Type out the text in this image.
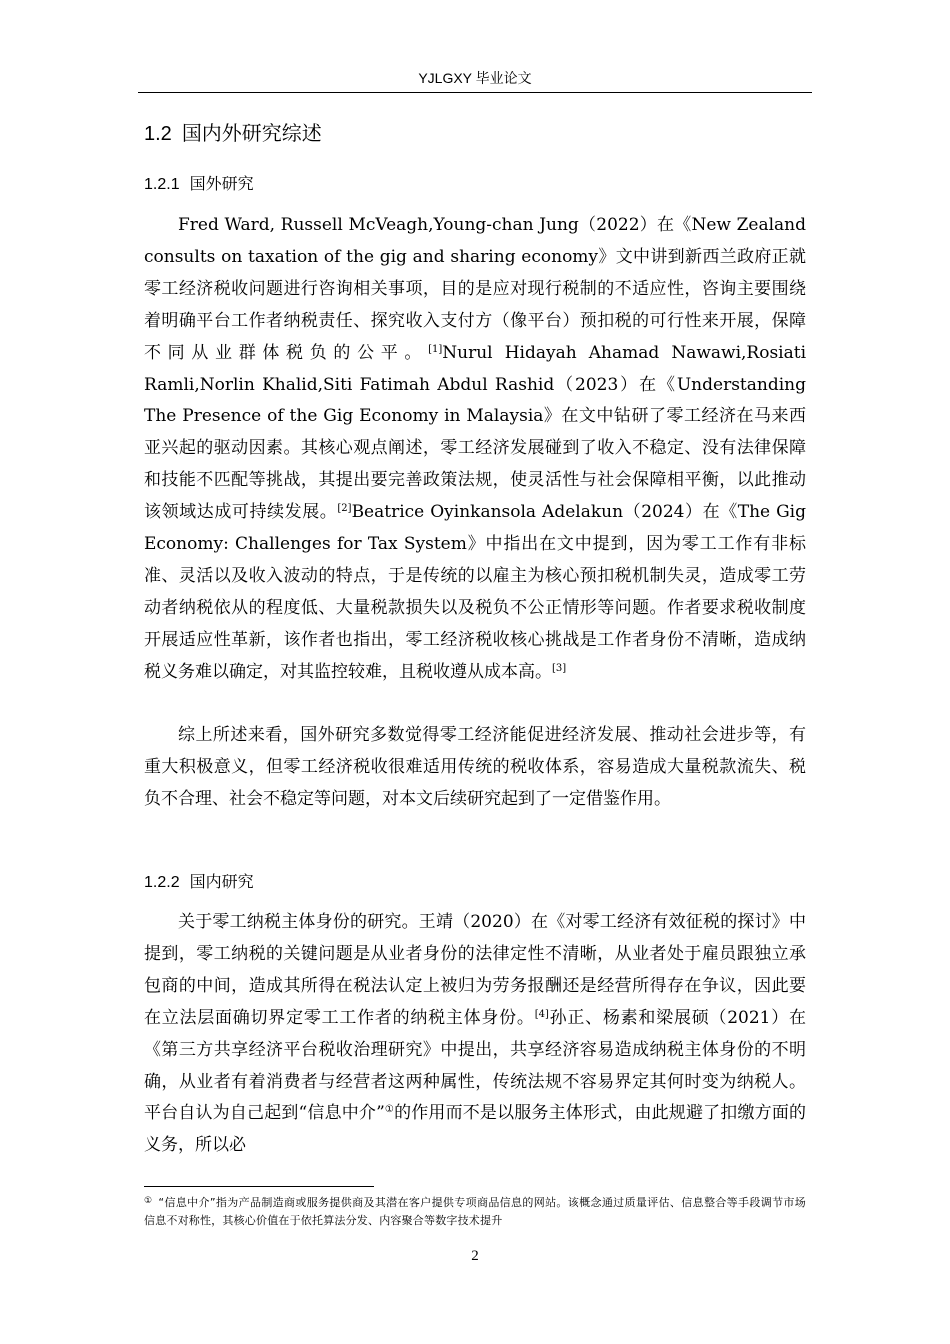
YJLGXY 毕业论文
1.2 国内外研究综述
1.2.1 国外研究

Fred Ward, Russell McVeagh,Young-chan Jung（2022）在《New Zealand consults on taxation of the gig and sharing economy》文中讲到新西兰政府正就零工经济税收问题进行咨询相关事项，目的是应对现行税制的不适应性，咨询主要围绕着明确平台工作者纳税责任、探究收入支付方（像平台）预扣税的可行性来开展，保障不同从业群体税负的公平。[1]Nurul Hidayah Ahamad Nawawi,Rosiati Ramli,Norlin Khalid,Siti Fatimah Abdul Rashid（2023）在《Understanding The Presence of the Gig Economy in Malaysia》在文中钻研了零工经济在马来西亚兴起的驱动因素。其核心观点阐述，零工经济发展碰到了收入不稳定、没有法律保障和技能不匹配等挑战，其提出要完善政策法规，使灵活性与社会保障相平衡，以此推动该领域达成可持续发展。[2]Beatrice Oyinkansola Adelakun（2024）在《The Gig Economy: Challenges for Tax System》中指出在文中提到，因为零工工作有非标准、灵活以及收入波动的特点，于是传统的以雇主为核心预扣税机制失灵，造成零工劳动者纳税依从的程度低、大量税款损失以及税负不公正情形等问题。作者要求税收制度开展适应性革新，该作者也指出，零工经济税收核心挑战是工作者身份不清晰，造成纳税义务难以确定，对其监控较难，且税收遵从成本高。[3]

综上所述来看，国外研究多数觉得零工经济能促进经济发展、推动社会进步等，有重大积极意义，但零工经济税收很难适用传统的税收体系，容易造成大量税款流失、税负不合理、社会不稳定等问题，对本文后续研究起到了一定借鉴作用。

1.2.2 国内研究

关于零工纳税主体身份的研究。王靖（2020）在《对零工经济有效征税的探讨》中提到，零工纳税的关键问题是从业者身份的法律定性不清晰，从业者处于雇员跟独立承包商的中间，造成其所得在税法认定上被归为劳务报酬还是经营所得存在争议，因此要在立法层面确切界定零工工作者的纳税主体身份。[4]孙正、杨素和梁展硕（2021）在《第三方共享经济平台税收治理研究》中提出，共享经济容易造成纳税主体身份的不明确，从业者有着消费者与经营者这两种属性，传统法规不容易界定其何时变为纳税人。平台自认为自己起到“信息中介”①的作用而不是以服务主体形式，由此规避了扣缴方面的义务，所以必

① “信息中介”指为产品制造商或服务提供商及其潜在客户提供专项商品信息的网站。该概念通过质量评估、信息整合等手段调节市场信息不对称性，其核心价值在于依托算法分发、内容聚合等数字技术提升

2
